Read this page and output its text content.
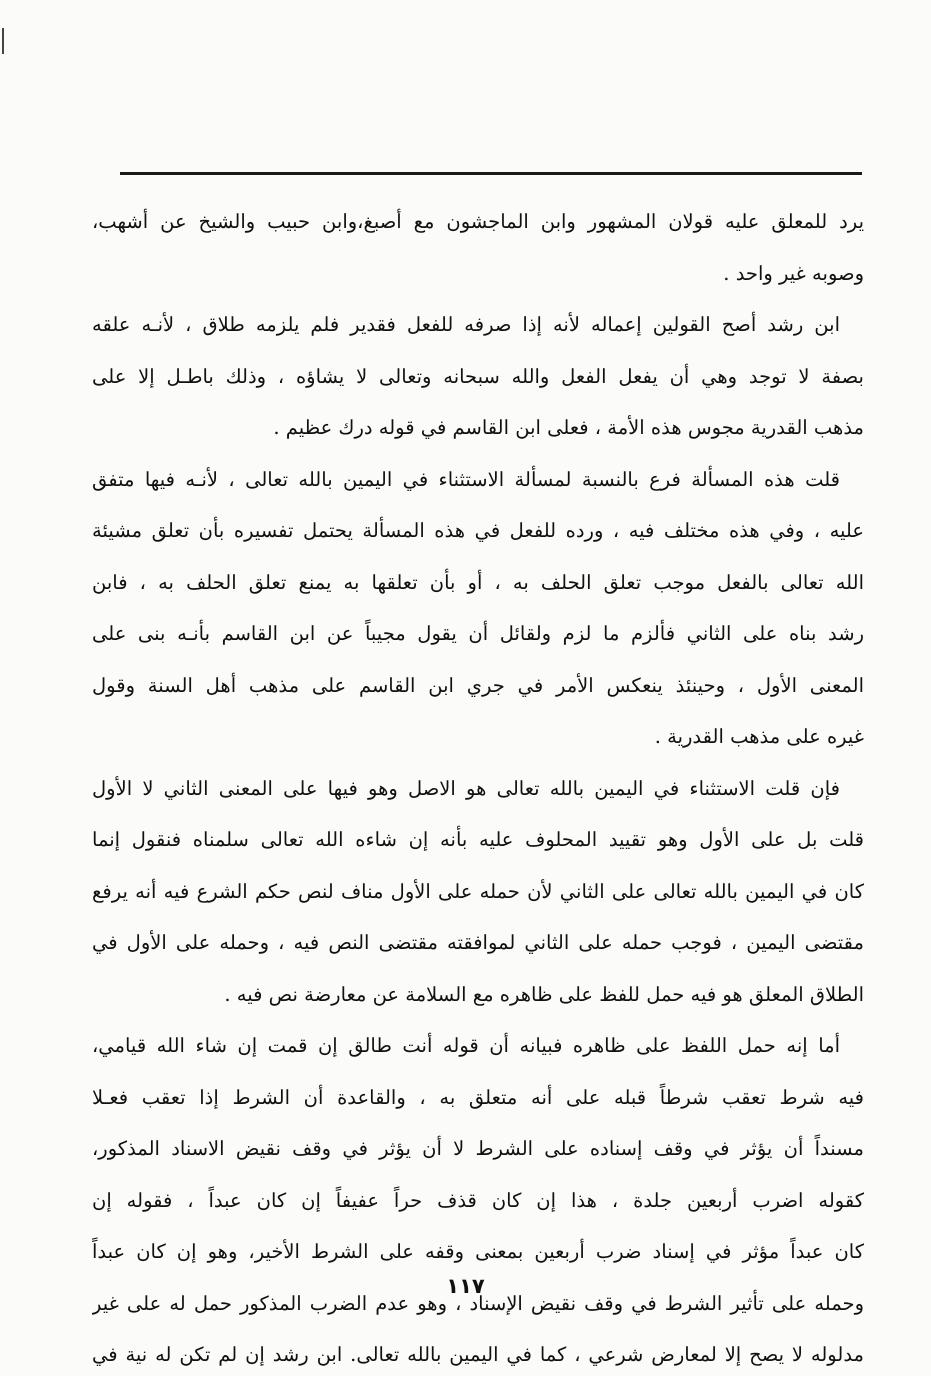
يرد للمعلق عليه قولان المشهور وابن الماجشون مع أصبغ،وابن حبيب والشيخ عن أشهب،
وصوبه غير واحد .
ابن رشد أصح القولين إعماله لأنه إذا صرفه للفعل فقدير فلم يلزمه طلاق ، لأنـه علقه
بصفة لا توجد وهي أن يفعل الفعل والله سبحانه وتعالى لا يشاؤه ، وذلك باطـل إلا على
مذهب القدرية مجوس هذه الأمة ، فعلى ابن القاسم في قوله درك عظيم .
قلت هذه المسألة فرع بالنسبة لمسألة الاستثناء في اليمين بالله تعالى ، لأنـه فيها متفق
عليه ، وفي هذه مختلف فيه ، ورده للفعل في هذه المسألة يحتمل تفسيره بأن تعلق مشيئة
الله تعالى بالفعل موجب تعلق الحلف به ، أو بأن تعلقها به يمنع تعلق الحلف به ، فابن
رشد بناه على الثاني فألزم ما لزم ولقائل أن يقول مجيباً عن ابن القاسم بأنـه بنى على
المعنى الأول ، وحينئذ ينعكس الأمر في جري ابن القاسم على مذهب أهل السنة وقول
غيره على مذهب القدرية .
فإن قلت الاستثناء في اليمين بالله تعالى هو الاصل وهو فيها على المعنى الثاني لا الأول
قلت بل على الأول وهو تقييد المحلوف عليه بأنه إن شاءه الله تعالى سلمناه فنقول إنما
كان في اليمين بالله تعالى على الثاني لأن حمله على الأول مناف لنص حكم الشرع فيه أنه يرفع
مقتضى اليمين ، فوجب حمله على الثاني لموافقته مقتضى النص فيه ، وحمله على الأول في
الطلاق المعلق هو فيه حمل للفظ على ظاهره مع السلامة عن معارضة نص فيه .
أما إنه حمل اللفظ على ظاهره فبيانه أن قوله أنت طالق إن قمت إن شاء الله قيامي،
فيه شرط تعقب شرطاً قبله على أنه متعلق به ، والقاعدة أن الشرط إذا تعقب فعـلا
مسنداً أن يؤثر في وقف إسناده على الشرط لا أن يؤثر في وقف نقيض الاسناد المذكور،
كقوله اضرب أربعين جلدة ، هذا إن كان قذف حراً عفيفاً إن كان عبداً ، فقوله إن
كان عبداً مؤثر في إسناد ضرب أربعين بمعنى وقفه على الشرط الأخير، وهو إن كان عبداً
وحمله على تأثير الشرط في وقف نقيض الإسناد ، وهو عدم الضرب المذكور حمل له على غير
مدلوله لا يصح إلا لمعارض شرعي ، كما في اليمين بالله تعالى. ابن رشد إن لم تكن له نية في
١١٧
